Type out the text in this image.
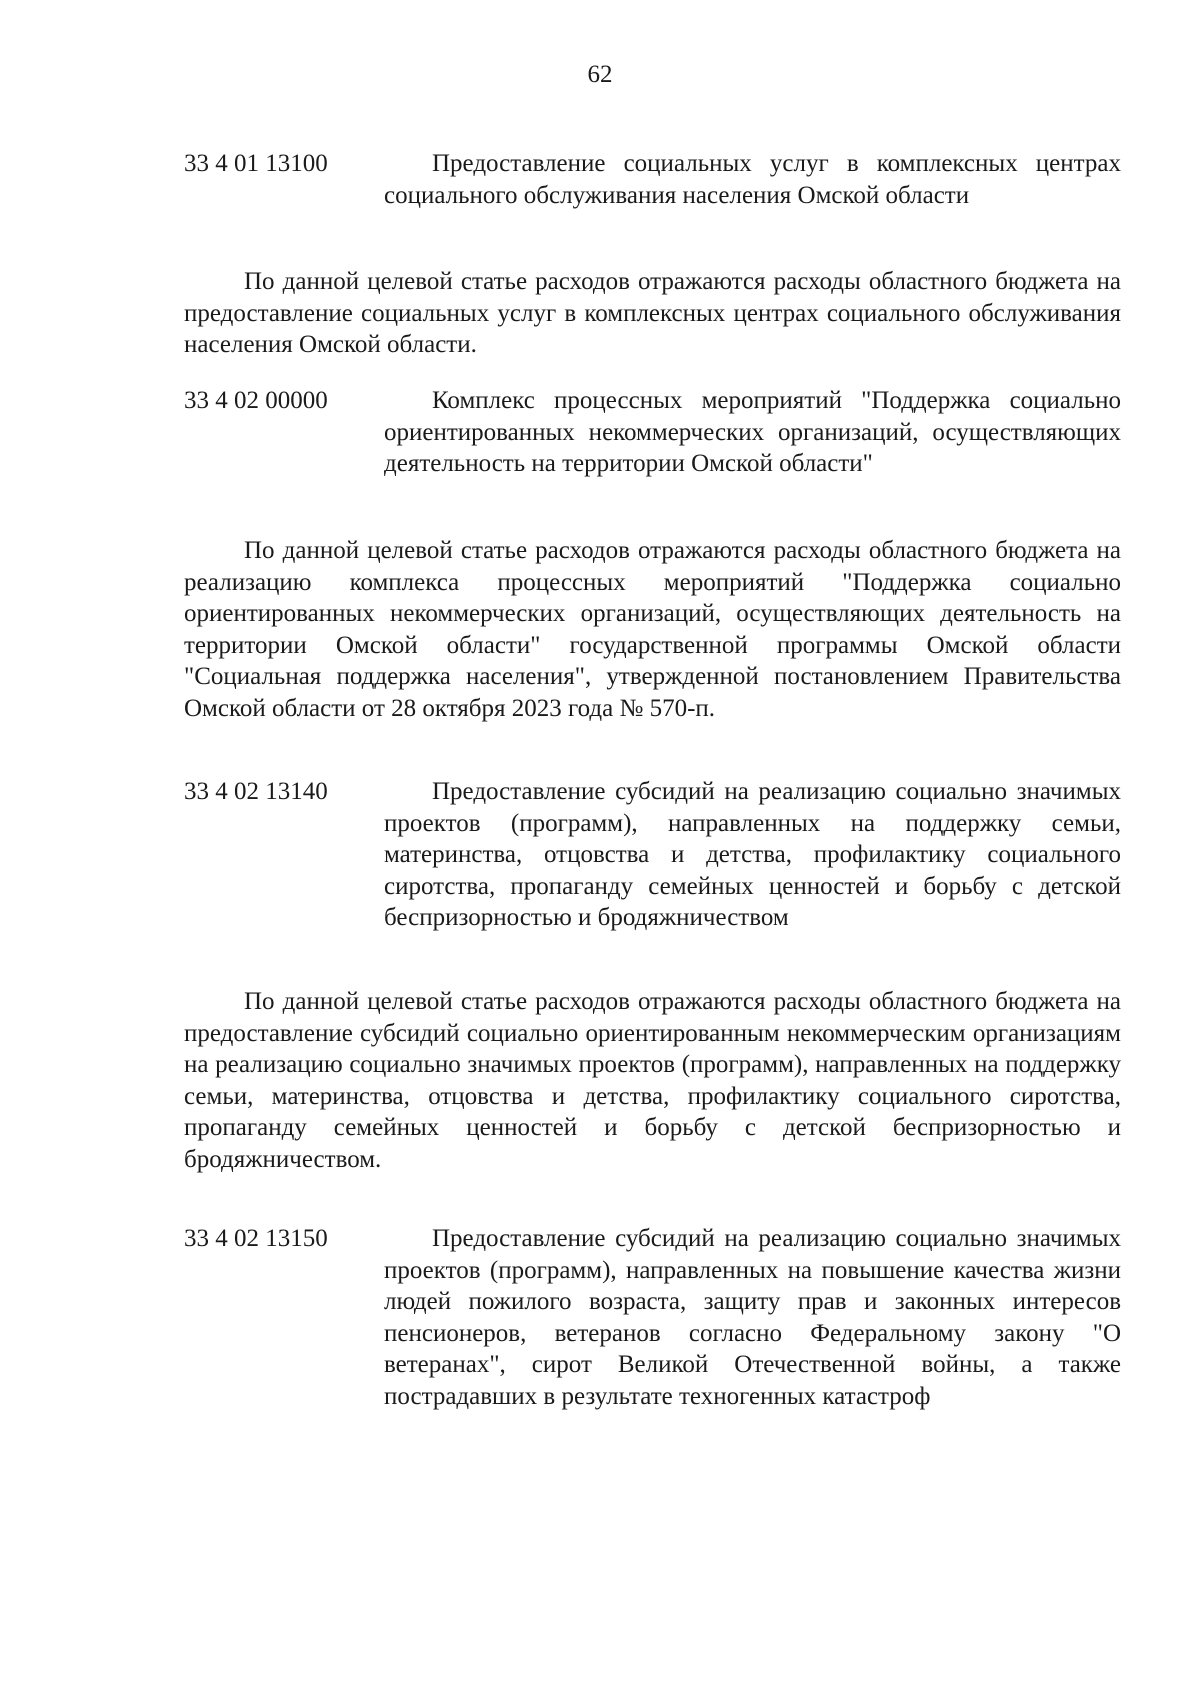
62
33 4 01 13100	Предоставление социальных услуг в комплексных центрах социального обслуживания населения Омской области

По данной целевой статье расходов отражаются расходы областного бюджета на предоставление социальных услуг в комплексных центрах социального обслуживания населения Омской области.

33 4 02 00000	Комплекс процессных мероприятий "Поддержка социально ориентированных некоммерческих организаций, осуществляющих деятельность на территории Омской области"

По данной целевой статье расходов отражаются расходы областного бюджета на реализацию комплекса процессных мероприятий "Поддержка социально ориентированных некоммерческих организаций, осуществляющих деятельность на территории Омской области" государственной программы Омской области "Социальная поддержка населения", утвержденной постановлением Правительства Омской области от 28 октября 2023 года № 570-п.

33 4 02 13140	Предоставление субсидий на реализацию социально значимых проектов (программ), направленных на поддержку семьи, материнства, отцовства и детства, профилактику социального сиротства, пропаганду семейных ценностей и борьбу с детской беспризорностью и бродяжничеством

По данной целевой статье расходов отражаются расходы областного бюджета на предоставление субсидий социально ориентированным некоммерческим организациям на реализацию социально значимых проектов (программ), направленных на поддержку семьи, материнства, отцовства и детства, профилактику социального сиротства, пропаганду семейных ценностей и борьбу с детской беспризорностью и бродяжничеством.

33 4 02 13150	Предоставление субсидий на реализацию социально значимых проектов (программ), направленных на повышение качества жизни людей пожилого возраста, защиту прав и законных интересов пенсионеров, ветеранов согласно Федеральному закону "О ветеранах", сирот Великой Отечественной войны, а также пострадавших в результате техногенных катастроф
